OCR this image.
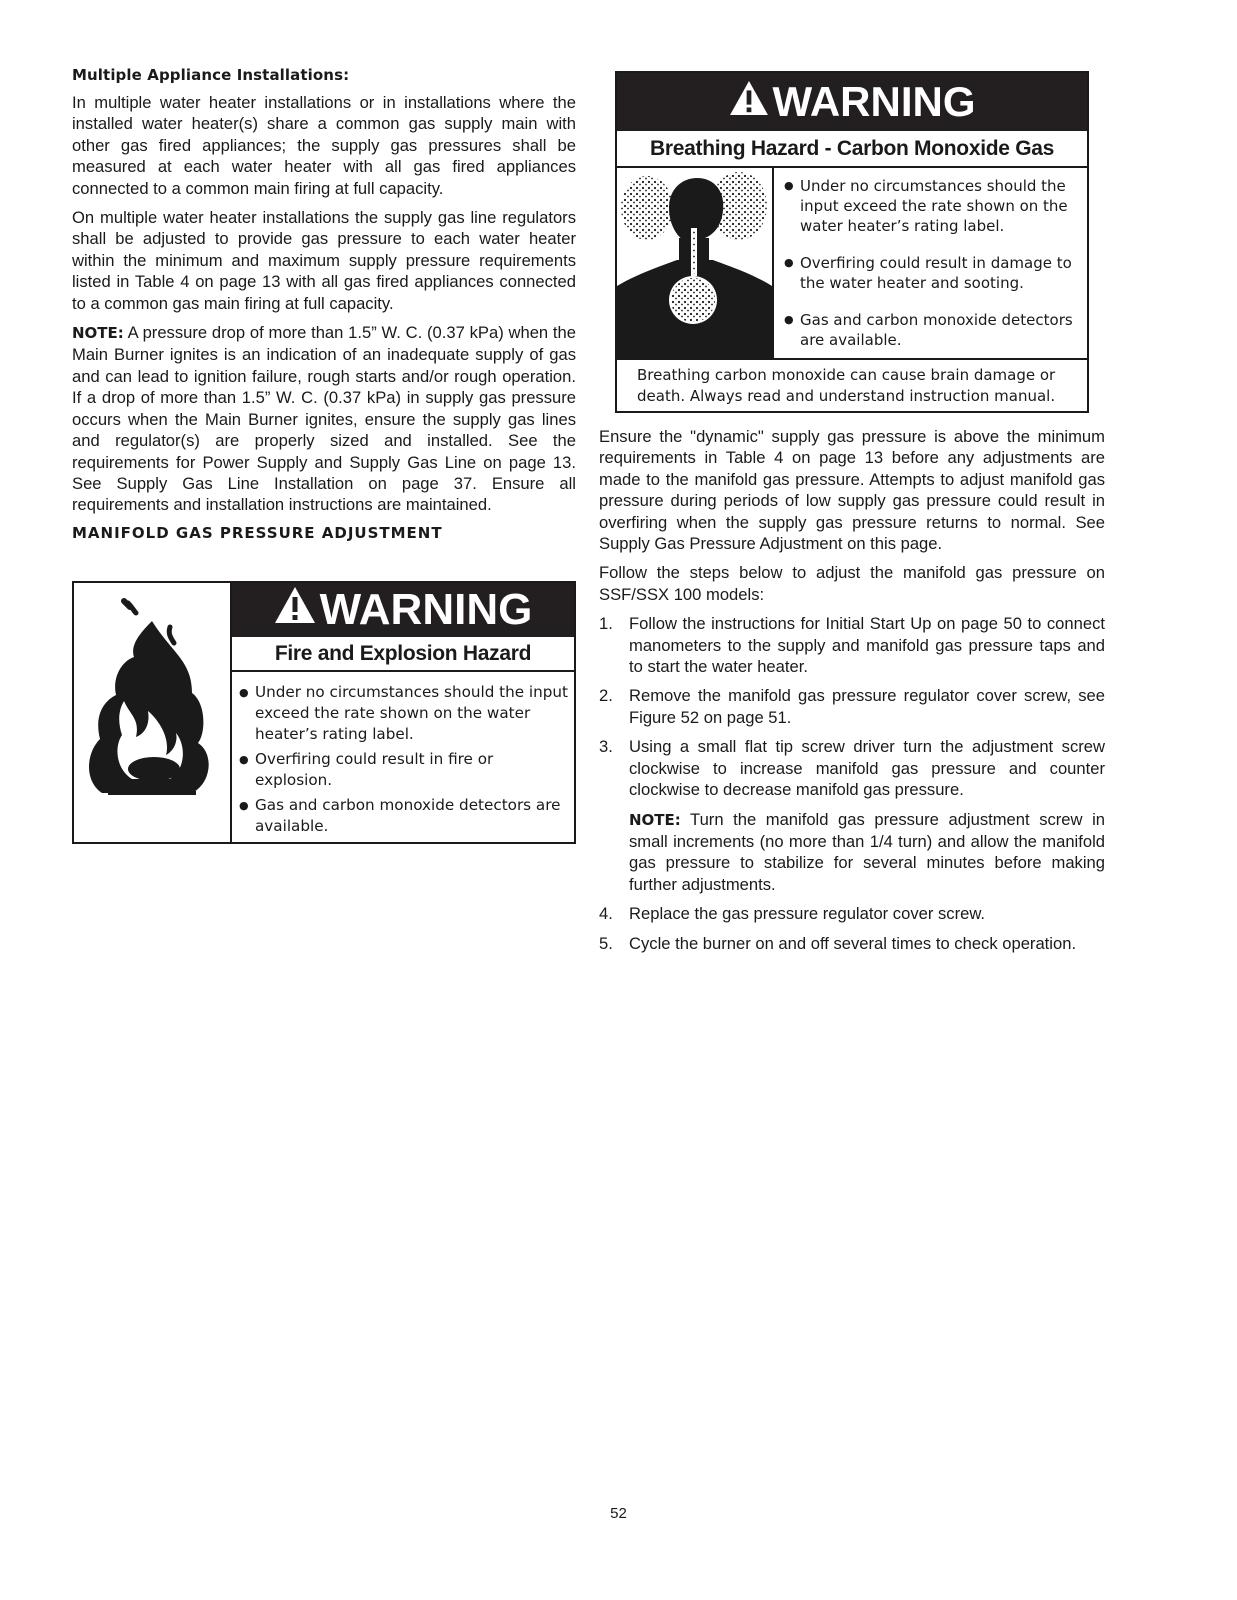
Multiple Appliance Installations:

In multiple water heater installations or in installations where the installed water heater(s) share a common gas supply main with other gas fired appliances; the supply gas pressures shall be measured at each water heater with all gas fired appliances connected to a common main firing at full capacity.

On multiple water heater installations the supply gas line regulators shall be adjusted to provide gas pressure to each water heater within the minimum and maximum supply pressure requirements listed in Table 4 on page 13 with all gas fired appliances connected to a common gas main firing at full capacity.

NOTE: A pressure drop of more than 1.5” W. C. (0.37 kPa) when the Main Burner ignites is an indication of an inadequate supply of gas and can lead to ignition failure, rough starts and/or rough operation. If a drop of more than 1.5” W. C. (0.37 kPa) in supply gas pressure occurs when the Main Burner ignites, ensure the supply gas lines and regulator(s) are properly sized and installed. See the requirements for Power Supply and Supply Gas Line on page 13. See Supply Gas Line Installation on page 37. Ensure all requirements and installation instructions are maintained.

MANIFOLD GAS PRESSURE ADJUSTMENT
WARNING
Fire and Explosion Hazard
● Under no circumstances should the input exceed the rate shown on the water heater’s rating label.
● Overfiring could result in fire or explosion.
● Gas and carbon monoxide detectors are available.
WARNING
Breathing Hazard - Carbon Monoxide Gas
● Under no circumstances should the input exceed the rate shown on the water heater’s rating label.
● Overfiring could result in damage to the water heater and sooting.
● Gas and carbon monoxide detectors are available.
Breathing carbon monoxide can cause brain damage or death. Always read and understand instruction manual.

Ensure the "dynamic" supply gas pressure is above the minimum requirements in Table 4 on page 13 before any adjustments are made to the manifold gas pressure. Attempts to adjust manifold gas pressure during periods of low supply gas pressure could result in overfiring when the supply gas pressure returns to normal. See Supply Gas Pressure Adjustment on this page.

Follow the steps below to adjust the manifold gas pressure on SSF/SSX 100 models:

1. Follow the instructions for Initial Start Up on page 50 to connect manometers to the supply and manifold gas pressure taps and to start the water heater.
2. Remove the manifold gas pressure regulator cover screw, see Figure 52 on page 51.
3. Using a small flat tip screw driver turn the adjustment screw clockwise to increase manifold gas pressure and counter clockwise to decrease manifold gas pressure.

NOTE: Turn the manifold gas pressure adjustment screw in small increments (no more than 1/4 turn) and allow the manifold gas pressure to stabilize for several minutes before making further adjustments.

4. Replace the gas pressure regulator cover screw.
5. Cycle the burner on and off several times to check operation.
52
